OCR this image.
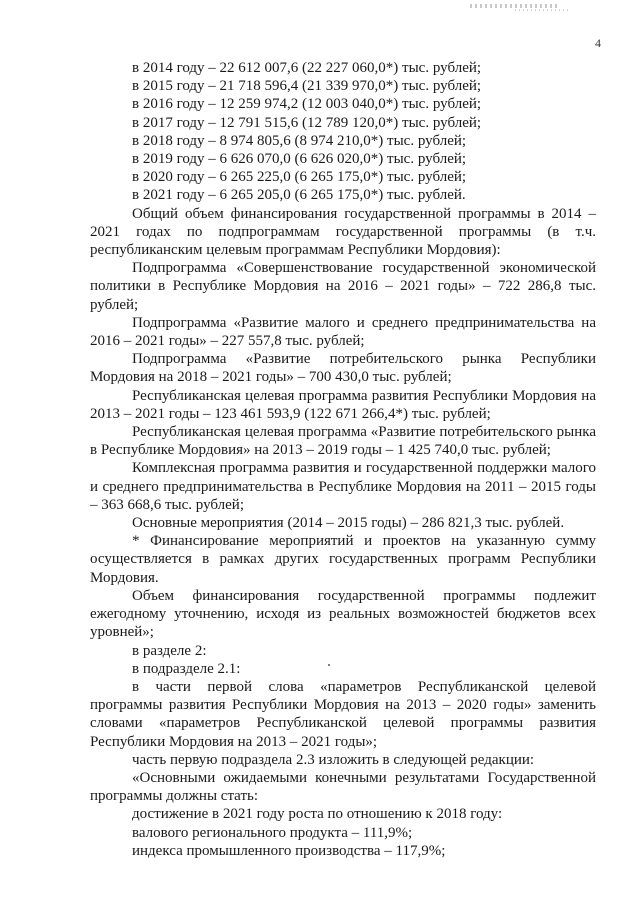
4

в 2014 году – 22 612 007,6 (22 227 060,0*) тыс. рублей;

в 2015 году – 21 718 596,4 (21 339 970,0*) тыс. рублей;

в 2016 году – 12 259 974,2 (12 003 040,0*) тыс. рублей;

в 2017 году – 12 791 515,6 (12 789 120,0*) тыс. рублей;

в 2018 году – 8 974 805,6 (8 974 210,0*) тыс. рублей;

в 2019 году – 6 626 070,0 (6 626 020,0*) тыс. рублей;

в 2020 году – 6 265 225,0 (6 265 175,0*) тыс. рублей;

в 2021 году – 6 265 205,0 (6 265 175,0*) тыс. рублей.

Общий объем финансирования государственной программы в 2014 – 2021 годах по подпрограммам государственной программы (в т.ч. республиканским целевым программам Республики Мордовия):

Подпрограмма «Совершенствование государственной экономической политики в Республике Мордовия на 2016 – 2021 годы» – 722 286,8 тыс. рублей;

Подпрограмма «Развитие малого и среднего предпринимательства на 2016 – 2021 годы» – 227 557,8 тыс. рублей;

Подпрограмма «Развитие потребительского рынка Республики Мордовия на 2018 – 2021 годы» – 700 430,0 тыс. рублей;

Республиканская целевая программа развития Республики Мордовия на 2013 – 2021 годы – 123 461 593,9 (122 671 266,4*) тыс. рублей;

Республиканская целевая программа «Развитие потребительского рынка в Республике Мордовия» на 2013 – 2019 годы – 1 425 740,0 тыс. рублей;

Комплексная программа развития и государственной поддержки малого и среднего предпринимательства в Республике Мордовия на 2011 – 2015 годы – 363 668,6 тыс. рублей;

Основные мероприятия (2014 – 2015 годы) – 286 821,3 тыс. рублей.

* Финансирование мероприятий и проектов на указанную сумму осуществляется в рамках других государственных программ Республики Мордовия.

Объем финансирования государственной программы подлежит ежегодному уточнению, исходя из реальных возможностей бюджетов всех уровней»;

в разделе 2:

в подразделе 2.1:

в части первой слова «параметров Республиканской целевой программы развития Республики Мордовия на 2013 – 2020 годы» заменить словами «параметров Республиканской целевой программы развития Республики Мордовия на 2013 – 2021 годы»;

часть первую подраздела 2.3 изложить в следующей редакции:

«Основными ожидаемыми конечными результатами Государственной программы должны стать:

достижение в 2021 году роста по отношению к 2018 году:

валового регионального продукта – 111,9%;

индекса промышленного производства – 117,9%;
